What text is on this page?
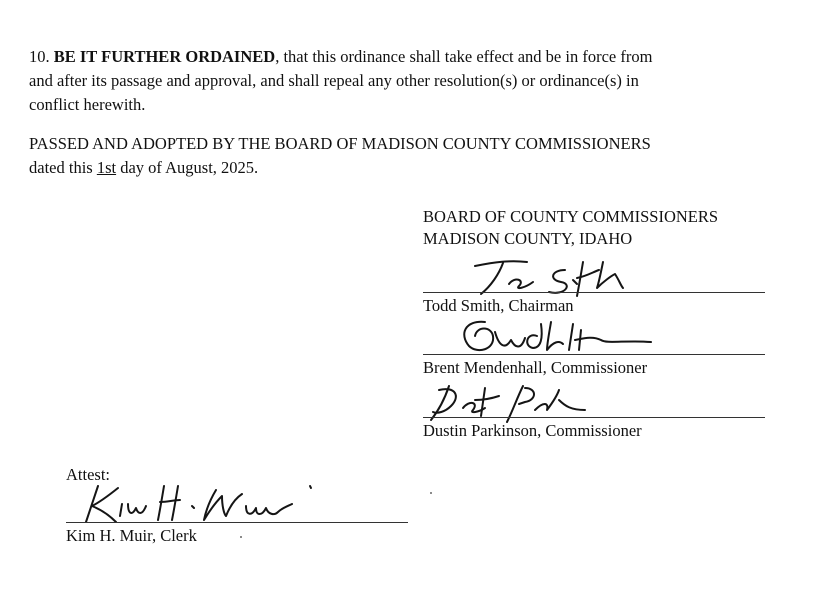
10. BE IT FURTHER ORDAINED, that this ordinance shall take effect and be in force from
and after its passage and approval, and shall repeal any other resolution(s) or ordinance(s) in
conflict herewith.
PASSED AND ADOPTED BY THE BOARD OF MADISON COUNTY COMMISSIONERS
dated this 1st day of August, 2025.
BOARD OF COUNTY COMMISSIONERS
MADISON COUNTY, IDAHO
Todd Smith, Chairman
Brent Mendenhall, Commissioner
Dustin Parkinson, Commissioner
Attest:
Kim H. Muir, Clerk
